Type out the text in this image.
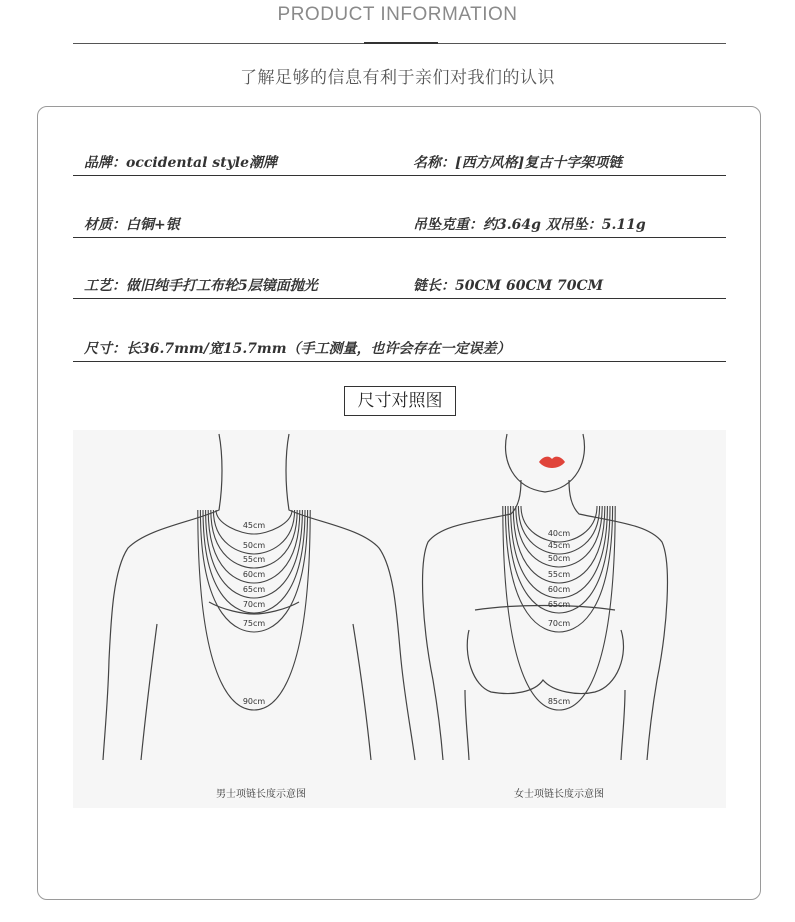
PRODUCT INFORMATION
了解足够的信息有利于亲们对我们的认识
品牌：occidental style潮牌	名称：[西方风格]复古十字架项链
材质：白铜+银	吊坠克重：约3.64g 双吊坠：5.11g
工艺：做旧纯手打工布轮5层镜面抛光	链长：50CM 60CM 70CM
尺寸：长36.7mm/宽15.7mm（手工测量，也许会存在一定误差）
尺寸对照图
45cm
50cm
55cm
60cm
65cm
70cm
75cm
90cm
40cm
45cm
50cm
55cm
60cm
65cm
70cm
85cm
男士项链长度示意图	女士项链长度示意图
